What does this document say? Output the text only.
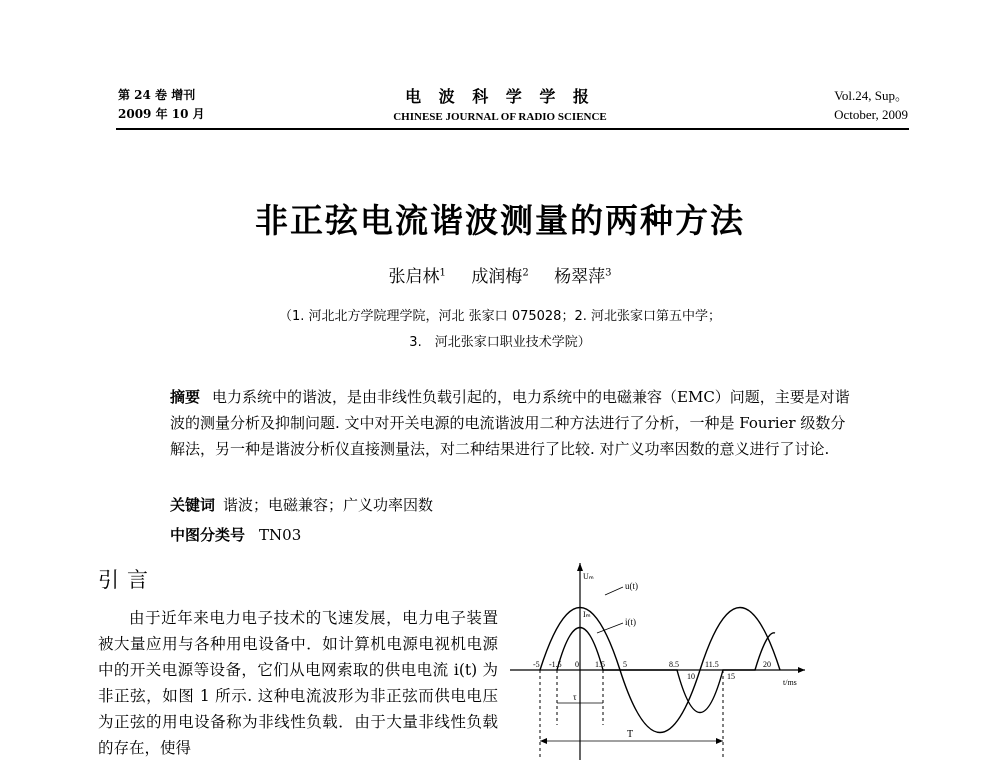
第 24 卷 增刊
2009 年 10 月
电 波 科 学 学 报
CHINESE JOURNAL OF RADIO SCIENCE
Vol.24, Sup。
October, 2009
非正弦电流谐波测量的两种方法
张启林$^1$ 成润梅$^2$ 杨翠萍$^3$
（1. 河北北方学院理学院，河北 张家口 075028；2. 河北张家口第五中学；
3.　河北张家口职业技术学院）
摘要 电力系统中的谐波，是由非线性负载引起的，电力系统中的电磁兼容（EMC）问题，主要是对谐波的测量分析及抑制问题. 文中对开关电源的电流谐波用二种方法进行了分析，一种是 Fourier 级数分解法，另一种是谐波分析仪直接测量法，对二种结果进行了比较. 对广义功率因数的意义进行了讨论.
关键词 谐波；电磁兼容；广义功率因数
中图分类号 TN03
引言
由于近年来电力电子技术的飞速发展，电力电子装置被大量应用与各种用电设备中．如计算机电源电视机电源中的开关电源等设备，它们从电网索取的供电电流 i(t) 为非正弦，如图 1 所示. 这种电流波形为非正弦而供电电压为正弦的用电设备称为非线性负载．由于大量非线性负载的存在，使得
u(t)
i(t)
Uₘ
Iₘ
-5 -1.5 0 1.5 5	8.5
10
11.5
15
20
t/ms
τ
T
